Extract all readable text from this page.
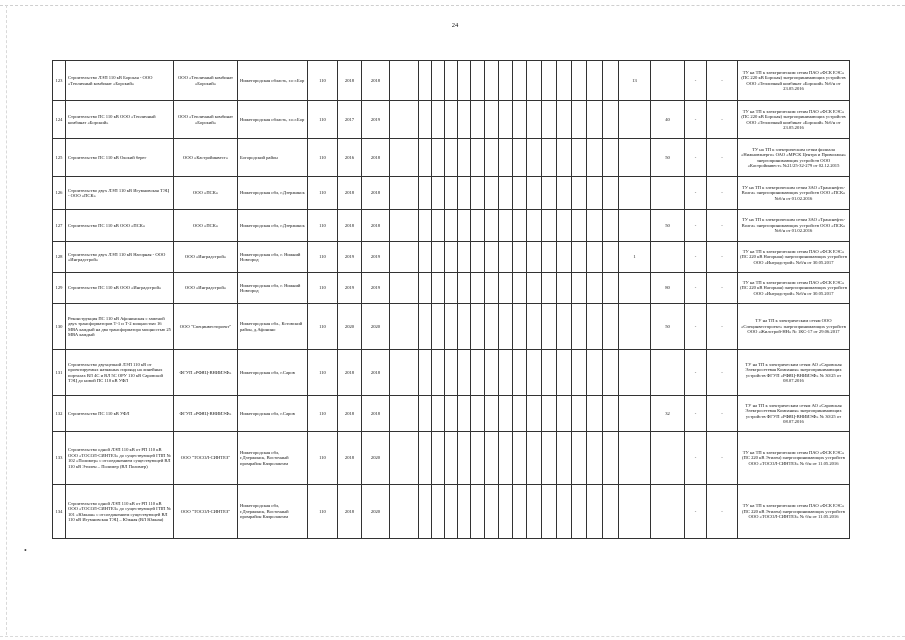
24
•
123	Строительство ЛЭП 110 кВ Борская - ООО «Тепличный комбинат «Борский»	ООО «Тепличный комбинат «Борский»	Нижегородская область, г.о г.Бор	110	2018	2018																13		-	-	ТУ на ТП к электрическим сетям ПАО «ФСК ЕЭС» (ПС 220 кВ Борская) энергопринимающих устройств ООО «Тепличный комбинат «Борский» №б/н от 23.05.2016
124	Строительство ПС 110 кВ ООО «Тепличный комбинат «Борский»	ООО «Тепличный комбинат «Борский»	Нижегородская область, г.о.г.Бор	110	2017	2019																	40	-	-	ТУ на ТП к электрическим сетям ПАО «ФСК ЕЭС» (ПС 220 кВ Борская) энергопринимающих устройств ООО «Тепличный комбинат «Борский» №б/н от 23.05.2016
125	Строительство ПС 110 кВ Окский берег	ООО «Кастройинвест»	Богородский район	110	2016	2018																	50	-	-	ТУ на ТП к электрическим сетям филиала «Нижновэнерго» ОАО «МРСК Центра и Приволжья» энергопринимающих устройств ООО «Кастройинвест» №21/25-32-279 от 02.12.2015
126	Строительство двух ЛЭП 110 кВ Игумновская ТЭЦ - ООО «ПСК»	ООО «ПСК»	Нижегородская обл, г.Дзержинск	110	2018	2018																		-	-	ТУ на ТП к электрическим сетям ЗАО «Транснефть-Волга» энергопринимающих устройств ООО «ПСК» №б/н от 01.02.2016
127	Строительство ПС 110 кВ ООО «ПСК»	ООО «ПСК»	Нижегородская обл, г.Дзержинск	110	2018	2018																	50	-	-	ТУ на ТП к электрическим сетям ЗАО «Транснефть-Волга» энергопринимающих устройств ООО «ПСК» №б/н от 01.02.2016
128	Строительство двух ЛЭП 110 кВ Нагорная - ООО «Инградстрой»	ООО «Инградстрой»	Нижегородская обл, г. Нижний Новгород	110	2019	2019																1		-	-	ТУ на ТП к электрическим сетям ПАО «ФСК ЕЭС» (ПС 220 кВ Нагорная) энергопринимающих устройств ООО «Инградстрой» №б/н от 30.05.2017
129	Строительство ПС 110 кВ ООО «Инградстрой»	ООО «Инградстрой»	Нижегородская обл, г. Нижний Новгород	110	2019	2019																	80	-	-	ТУ на ТП к электрическим сетям ПАО «ФСК ЕЭС» (ПС 220 кВ Нагорная) энергопринимающих устройств ООО «Инградстрой» №б/н от 30.05.2017
130	Реконструкция ПС 110 кВ Афонинская с заменой двух трансформаторов Т-1 и Т-2 мощностью 16 МВА каждый на два трансформатора мощностью 25 МВА каждый	ООО "Специнвестпроект"	Нижегородская обл., Кстовский район, д.Афонино	110	2020	2020																	50	-	-	ТУ на ТП к электрическим сетям ООО «Специнвестпроект» энергопринимающих устройств ООО «Жилстрой-НН» № 1КС-17 от 29.06.2017
131	Строительство двухцепной ЛЭП 110 кВ от проектируемых натяжных гирлянд на линейных порталах ВЛ 4С и ВЛ 5С ОРУ 110 кВ Саровской ТЭЦ до новой ПС 110 кВ УФЛ	ФГУП «РФЯЦ-ВНИИЭФ»	Нижегородская обл, г.Саров	110	2018	2018																		-	-	ТУ на ТП к электрическим сетям АО «Саровская Электросетевая Компания» энергопринимающих устройств ФГУП «РФЯЦ-ВНИИЭФ» № 30/25 от 08.07.2016
132	Строительство ПС 110 кВ УФЛ	ФГУП «РФЯЦ-ВНИИЭФ»	Нижегородская обл, г.Саров	110	2018	2018																	32	-	-	ТУ на ТП к электрическим сетям АО «Саровская Электросетевая Компания» энергопринимающих устройств ФГУП «РФЯЦ-ВНИИЭФ» № 30/25 от 08.07.2016
133	Строительство одной ЛЭП 110 кВ от РП 110 кВ ООО «ТОСОЛ-СИНТЕЗ» до существующей ГПП № 102 «Полимер» с отсоединением существующей ВЛ 110 кВ Этилен – Полимер (ВЛ Полимер)	ООО "ТОСОЛ-СИНТЕЗ"	Нижегородская обл, г.Дзержинск, Восточный промрайон Капролактам	110	2018	2020																		-	-	ТУ на ТП к электрическим сетям ПАО «ФСК ЕЭС» (ПС 220 кВ Этилен) энергопринимающих устройств ООО «ТОСОЛ-СИНТЕЗ» № б/н от 11.05.2016
134	Строительство одной ЛЭП 110 кВ от РП 110 кВ ООО «ТОСОЛ-СИНТЕЗ» до существующей ГПП № 101 «Южная» с отсоединением существующей ВЛ 110 кВ Игумновская ТЭЦ – Южная (ВЛ Южная)	ООО "ТОСОЛ-СИНТЕЗ"	Нижегородская обл, г.Дзержинск, Восточный промрайон Капролактам	110	2018	2020																		-	-	ТУ на ТП к электрическим сетям ПАО «ФСК ЕЭС» (ПС 220 кВ Этилен) энергопринимающих устройств ООО «ТОСОЛ-СИНТЕЗ» № б/н от 11.05.2016
